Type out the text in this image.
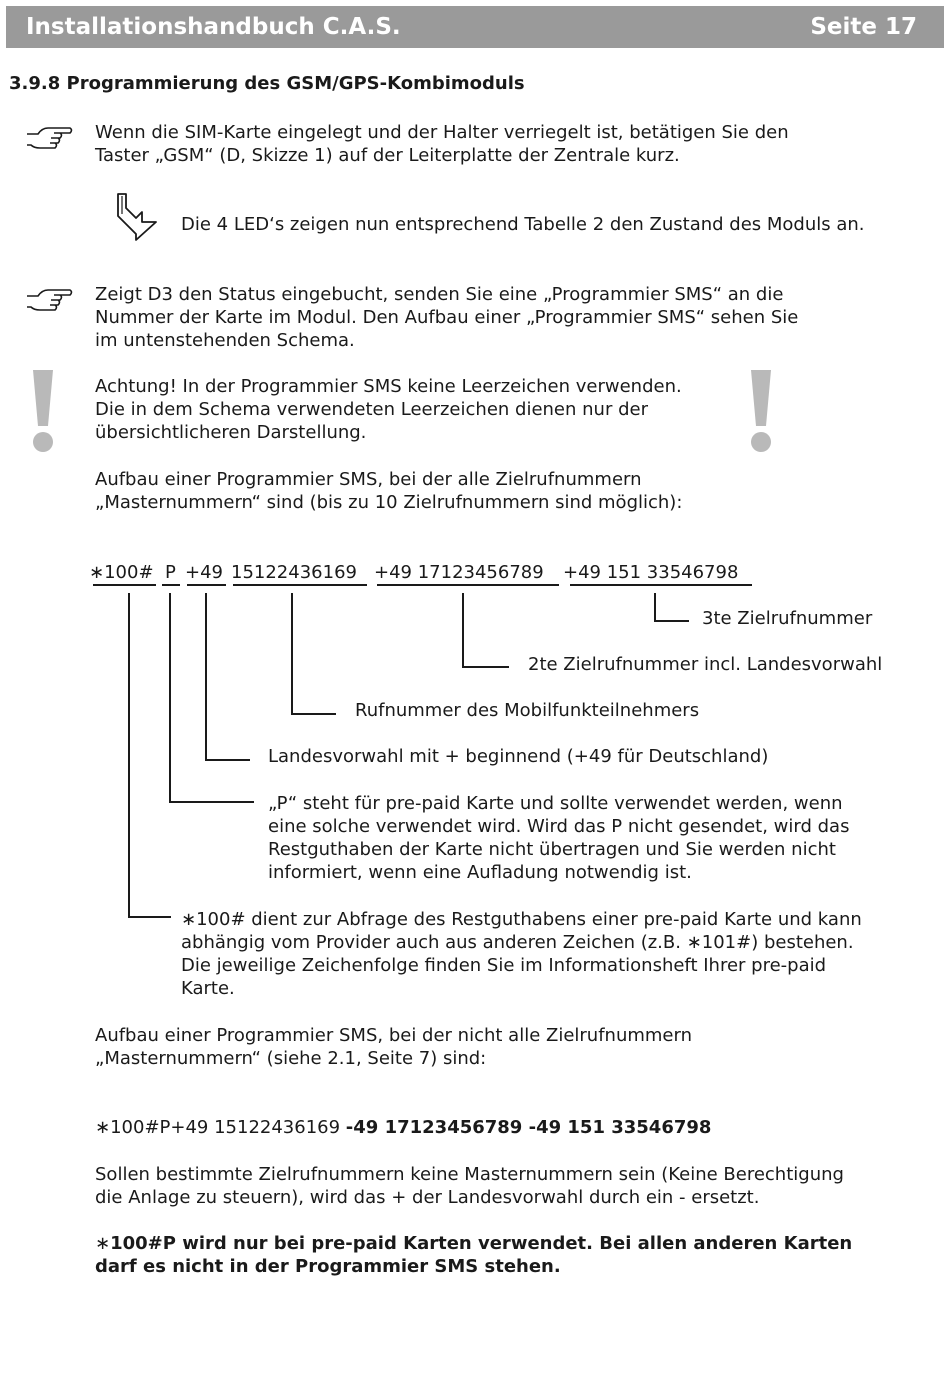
Installationshandbuch C.A.S.	Seite 17
3.9.8 Programmierung des GSM/GPS-Kombimoduls
Wenn die SIM-Karte eingelegt und der Halter verriegelt ist, betätigen Sie den
Taster „GSM“ (D, Skizze 1) auf der Leiterplatte der Zentrale kurz.
Die 4 LED‘s zeigen nun entsprechend Tabelle 2 den Zustand des Moduls an.
Zeigt D3 den Status eingebucht, senden Sie eine „Programmier SMS“ an die
Nummer der Karte im Modul. Den Aufbau einer „Programmier SMS“ sehen Sie
im untenstehenden Schema.
Achtung! In der Programmier SMS keine Leerzeichen verwenden.
Die in dem Schema verwendeten Leerzeichen dienen nur der
übersichtlicheren Darstellung.
Aufbau einer Programmier SMS, bei der alle Zielrufnummern
„Masternummern“ sind (bis zu 10 Zielrufnummern sind möglich):
∗100# P +49 15122436169 +49 17123456789 +49 151 33546798
3te Zielrufnummer
2te Zielrufnummer incl. Landesvorwahl
Rufnummer des Mobilfunkteilnehmers
Landesvorwahl mit + beginnend (+49 für Deutschland)
„P“ steht für pre-paid Karte und sollte verwendet werden, wenn
eine solche verwendet wird. Wird das P nicht gesendet, wird das
Restguthaben der Karte nicht übertragen und Sie werden nicht
informiert, wenn eine Aufladung notwendig ist.
∗100# dient zur Abfrage des Restguthabens einer pre-paid Karte und kann
abhängig vom Provider auch aus anderen Zeichen (z.B. ∗101#) bestehen.
Die jeweilige Zeichenfolge finden Sie im Informationsheft Ihrer pre-paid
Karte.
Aufbau einer Programmier SMS, bei der nicht alle Zielrufnummern
„Masternummern“ (siehe 2.1, Seite 7) sind:
∗100#P+49 15122436169 -49 17123456789 -49 151 33546798
Sollen bestimmte Zielrufnummern keine Masternummern sein (Keine Berechtigung
die Anlage zu steuern), wird das + der Landesvorwahl durch ein - ersetzt.
∗100#P wird nur bei pre-paid Karten verwendet. Bei allen anderen Karten
darf es nicht in der Programmier SMS stehen.
